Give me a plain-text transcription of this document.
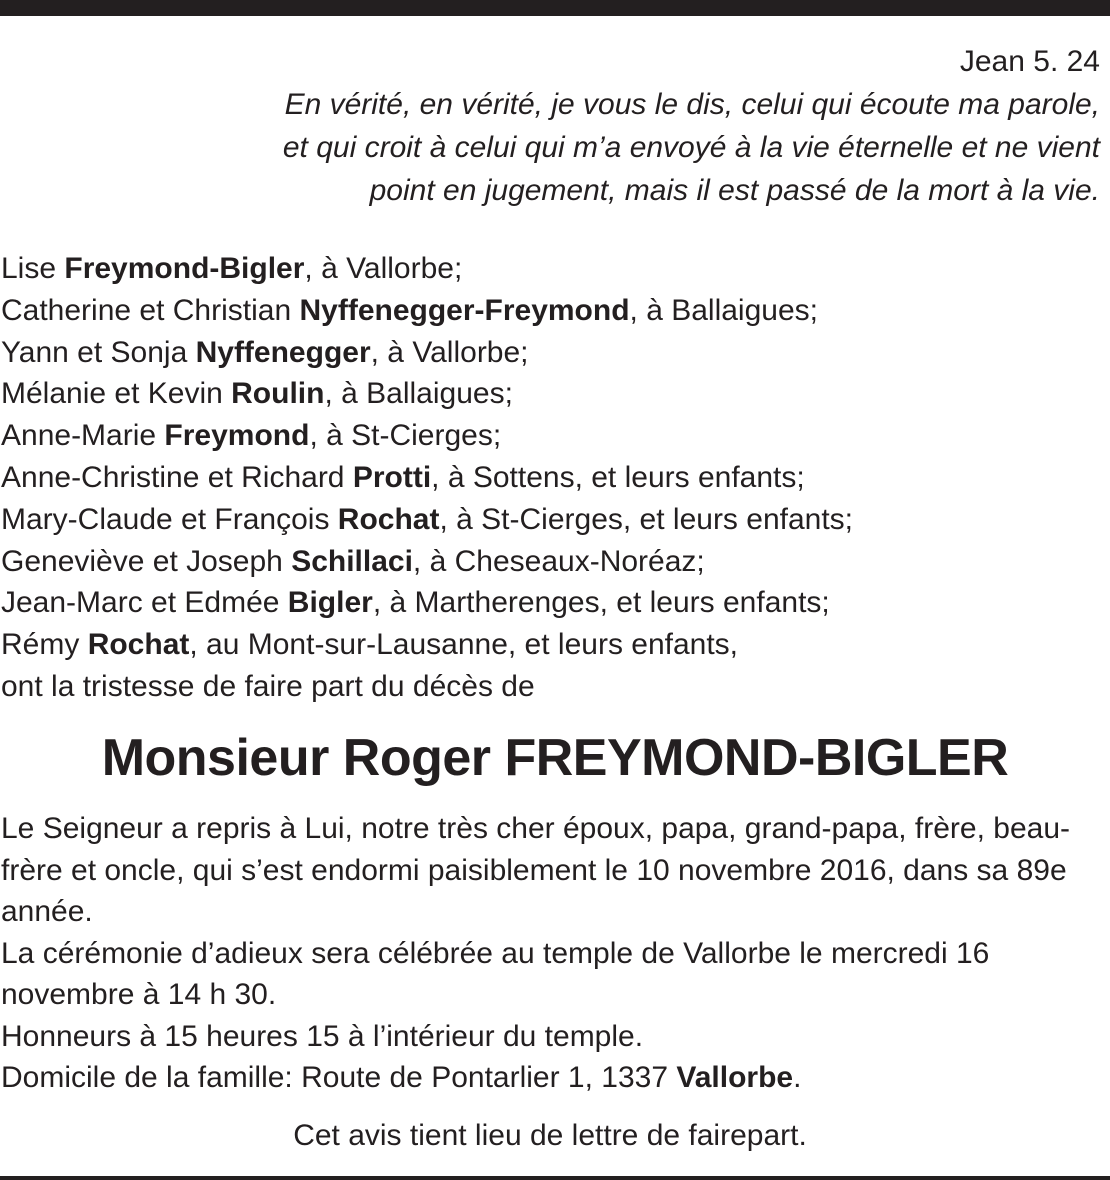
Jean 5. 24
En vérité, en vérité, je vous le dis, celui qui écoute ma parole,
et qui croit à celui qui m’a envoyé à la vie éternelle et ne vient
point en jugement, mais il est passé de la mort à la vie.
Lise Freymond-Bigler, à Vallorbe;
Catherine et Christian Nyffenegger-Freymond, à Ballaigues;
Yann et Sonja Nyffenegger, à Vallorbe;
Mélanie et Kevin Roulin, à Ballaigues;
Anne-Marie Freymond, à St-Cierges;
Anne-Christine et Richard Protti, à Sottens, et leurs enfants;
Mary-Claude et François Rochat, à St-Cierges, et leurs enfants;
Geneviève et Joseph Schillaci, à Cheseaux-Noréaz;
Jean-Marc et Edmée Bigler, à Martherenges, et leurs enfants;
Rémy Rochat, au Mont-sur-Lausanne, et leurs enfants,
ont la tristesse de faire part du décès de
Monsieur Roger FREYMOND-BIGLER

Le Seigneur a repris à Lui, notre très cher époux, papa, grand-papa, frère, beau-frère et oncle, qui s’est endormi paisiblement le 10 novembre 2016, dans sa 89e année.

La cérémonie d’adieux sera célébrée au temple de Vallorbe le mercredi 16 novembre à 14 h 30.

Honneurs à 15 heures 15 à l’intérieur du temple.

Domicile de la famille: Route de Pontarlier 1, 1337 Vallorbe.

Cet avis tient lieu de lettre de fairepart.
